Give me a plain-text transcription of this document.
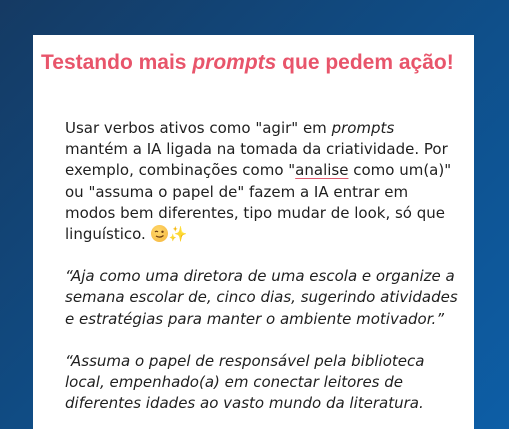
Testando mais prompts que pedem ação!

Usar verbos ativos como "agir" em prompts mantém a IA ligada na tomada da criatividade. Por exemplo, combinações como "analise como um(a)" ou "assuma o papel de" fazem a IA entrar em modos bem diferentes, tipo mudar de look, só que linguístico.
✨

“Aja como uma diretora de uma escola e organize a semana escolar de, cinco dias, sugerindo atividades e estratégias para manter o ambiente motivador.”

“Assuma o papel de responsável pela biblioteca local, empenhado(a) em conectar leitores de diferentes idades ao vasto mundo da literatura.
